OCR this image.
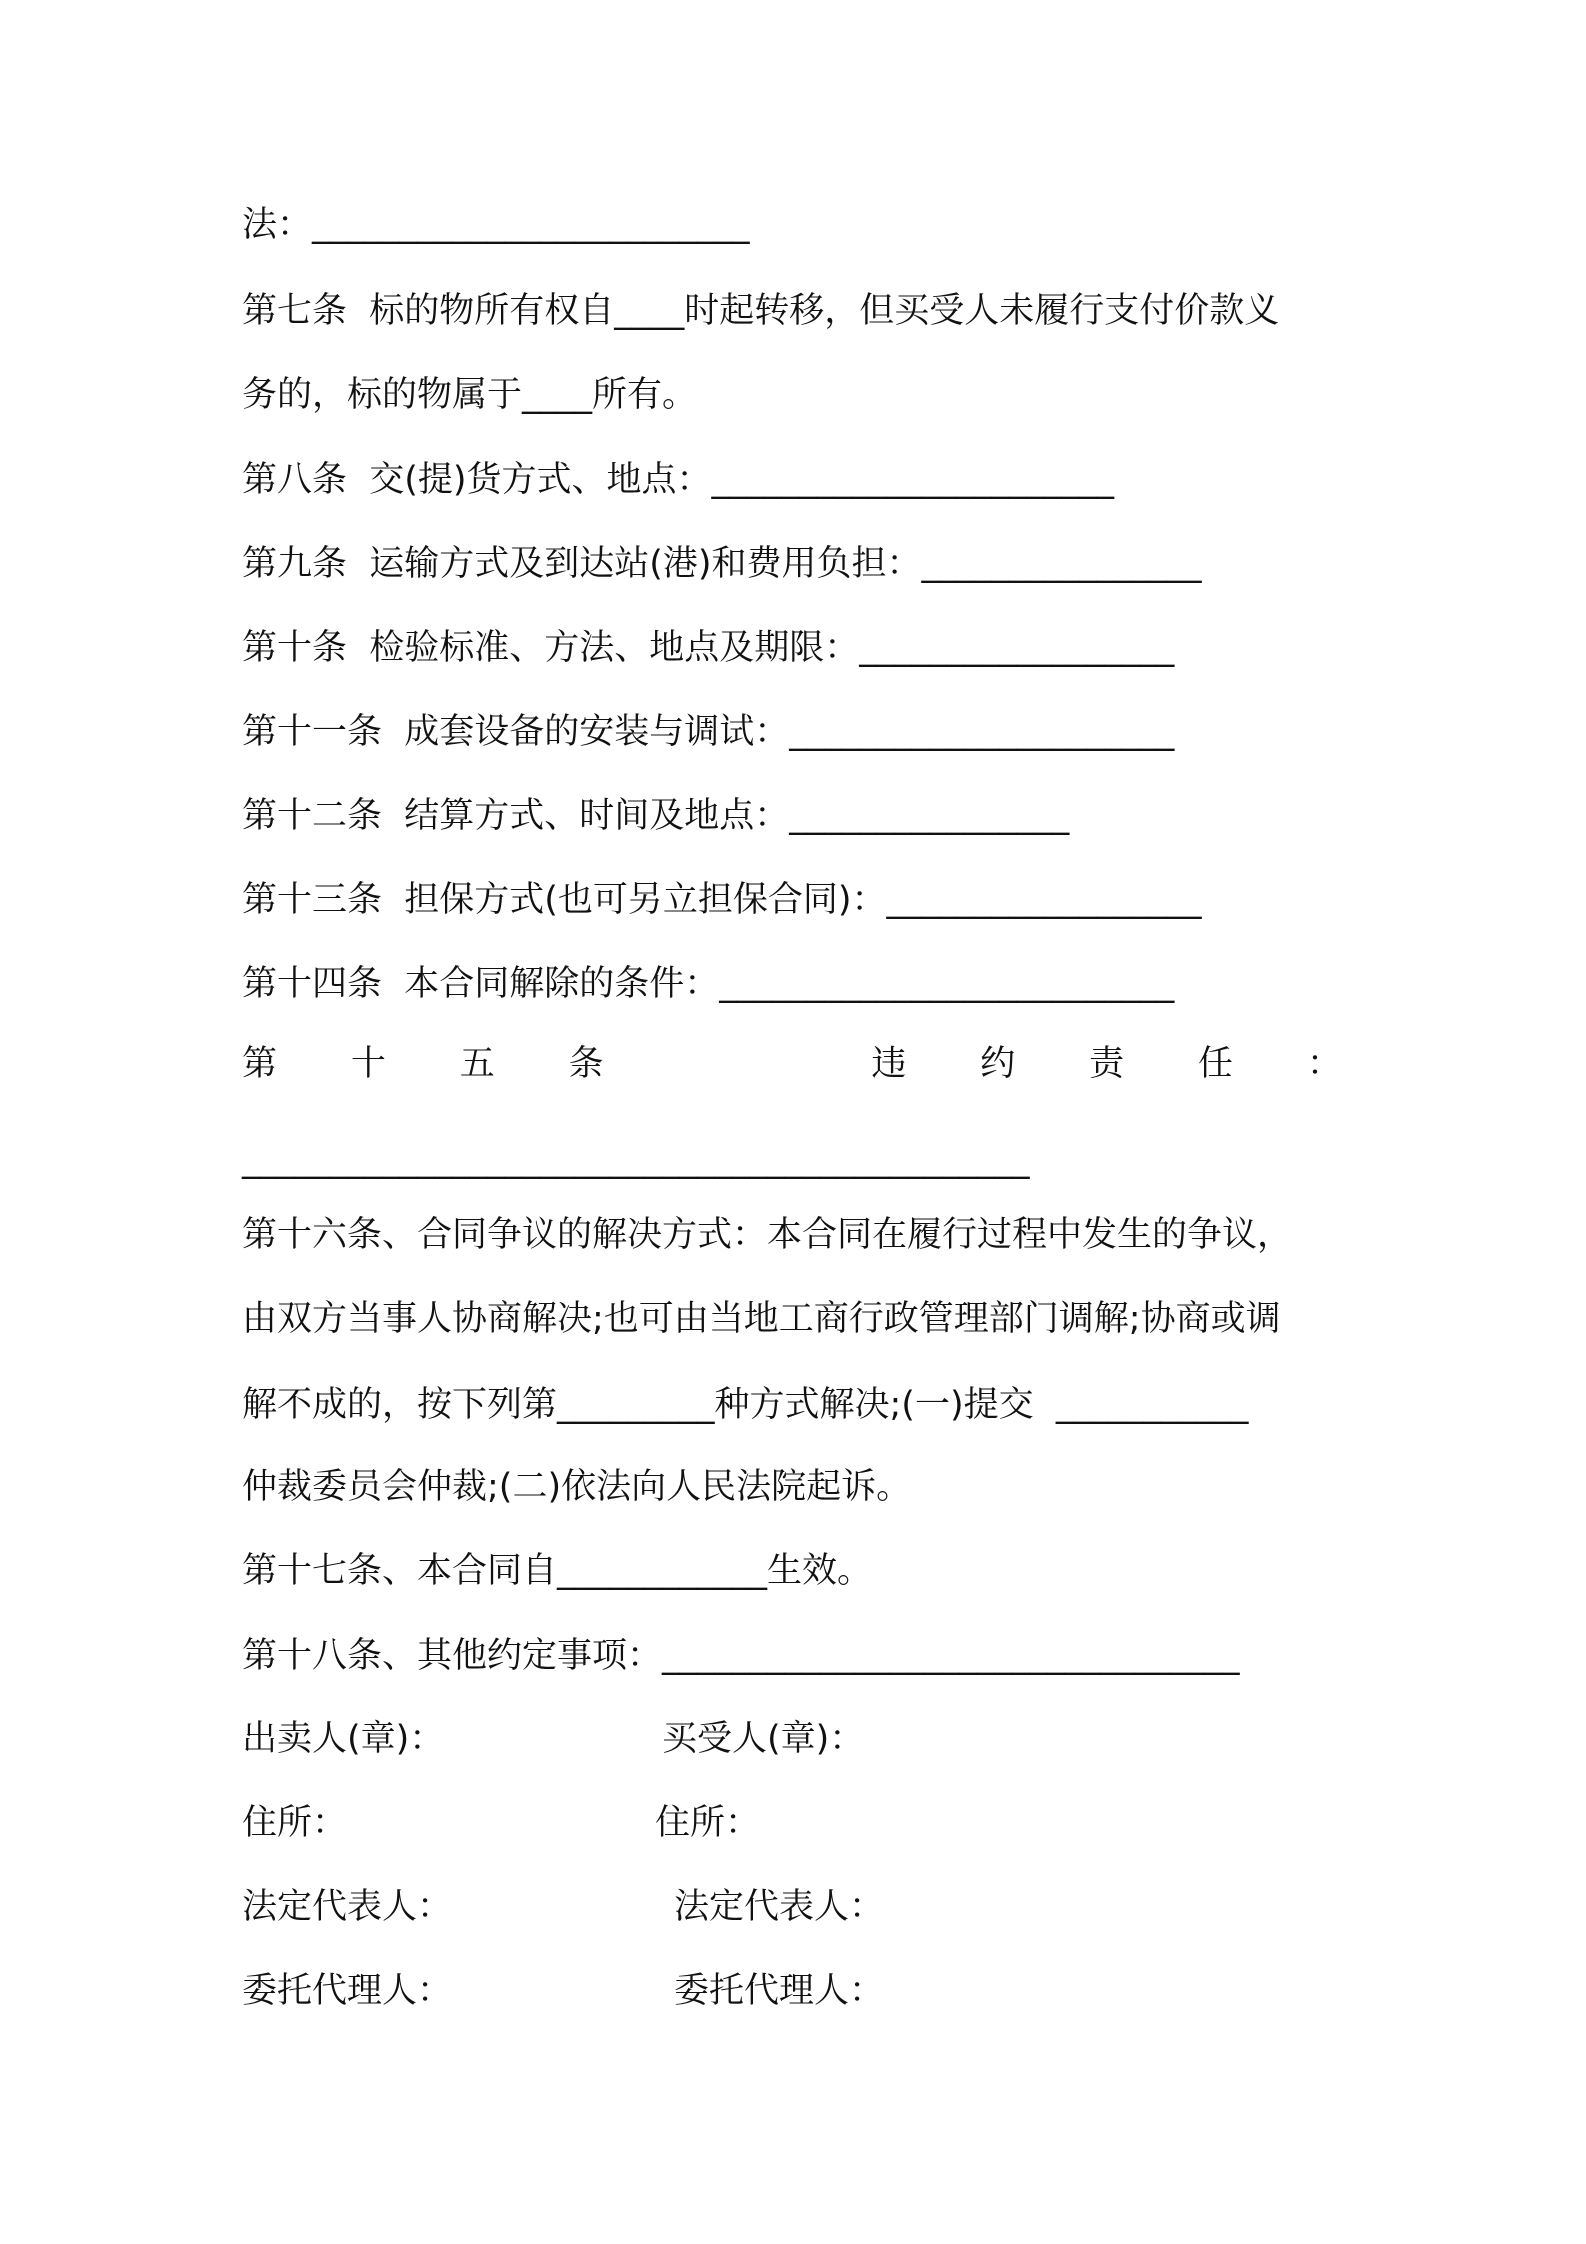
法：_________________________
第七条  标的物所有权自____时起转移，但买受人未履行支付价款义
务的，标的物属于____所有。
第八条  交(提)货方式、地点：_______________________
第九条  运输方式及到达站(港)和费用负担：________________
第十条  检验标准、方法、地点及期限：__________________
第十一条  成套设备的安装与调试：______________________
第十二条  结算方式、时间及地点：________________
第十三条  担保方式(也可另立担保合同)：__________________
第十四条  本合同解除的条件：__________________________
第 十 五 条	违 约 责 任 ：
_____________________________________________
第十六条、合同争议的解决方式：本合同在履行过程中发生的争议，
由双方当事人协商解决;也可由当地工商行政管理部门调解;协商或调
解不成的，按下列第_________种方式解决;(一)提交  ___________
仲裁委员会仲裁;(二)依法向人民法院起诉。
第十七条、本合同自____________生效。
第十八条、其他约定事项：_________________________________
出卖人(章)：	买受人(章)：
住所：	住所：
法定代表人：	法定代表人：
委托代理人：	委托代理人：
